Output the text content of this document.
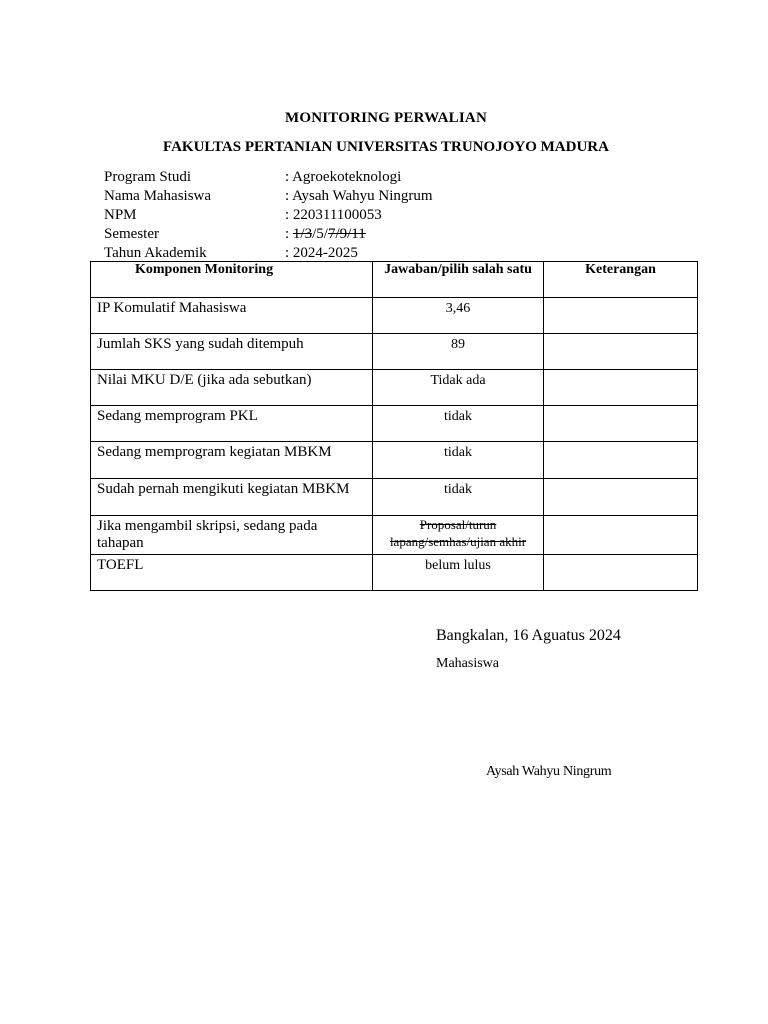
MONITORING PERWALIAN
FAKULTAS PERTANIAN UNIVERSITAS TRUNOJOYO MADURA
Program Studi	: Agroekoteknologi
Nama Mahasiswa	: Aysah Wahyu Ningrum
NPM	: 220311100053
Semester	: 1/3/5/7/9/11
Tahun Akademik	: 2024-2025
Komponen Monitoring	Jawaban/pilih salah satu	Keterangan

IP Komulatif Mahasiswa	3,46	

Jumlah SKS yang sudah ditempuh	89	

Nilai MKU D/E (jika ada sebutkan)	Tidak ada	

Sedang memprogram PKL	tidak	

Sedang memprogram kegiatan MBKM	tidak	

Sudah pernah mengikuti kegiatan MBKM	tidak	

Jika mengambil skripsi, sedang pada tahapan	Proposal/turun lapang/semhas/ujian akhir	

TOEFL	belum lulus	

Bangkalan, 16 Aguatus 2024
Mahasiswa
Aysah Wahyu Ningrum
